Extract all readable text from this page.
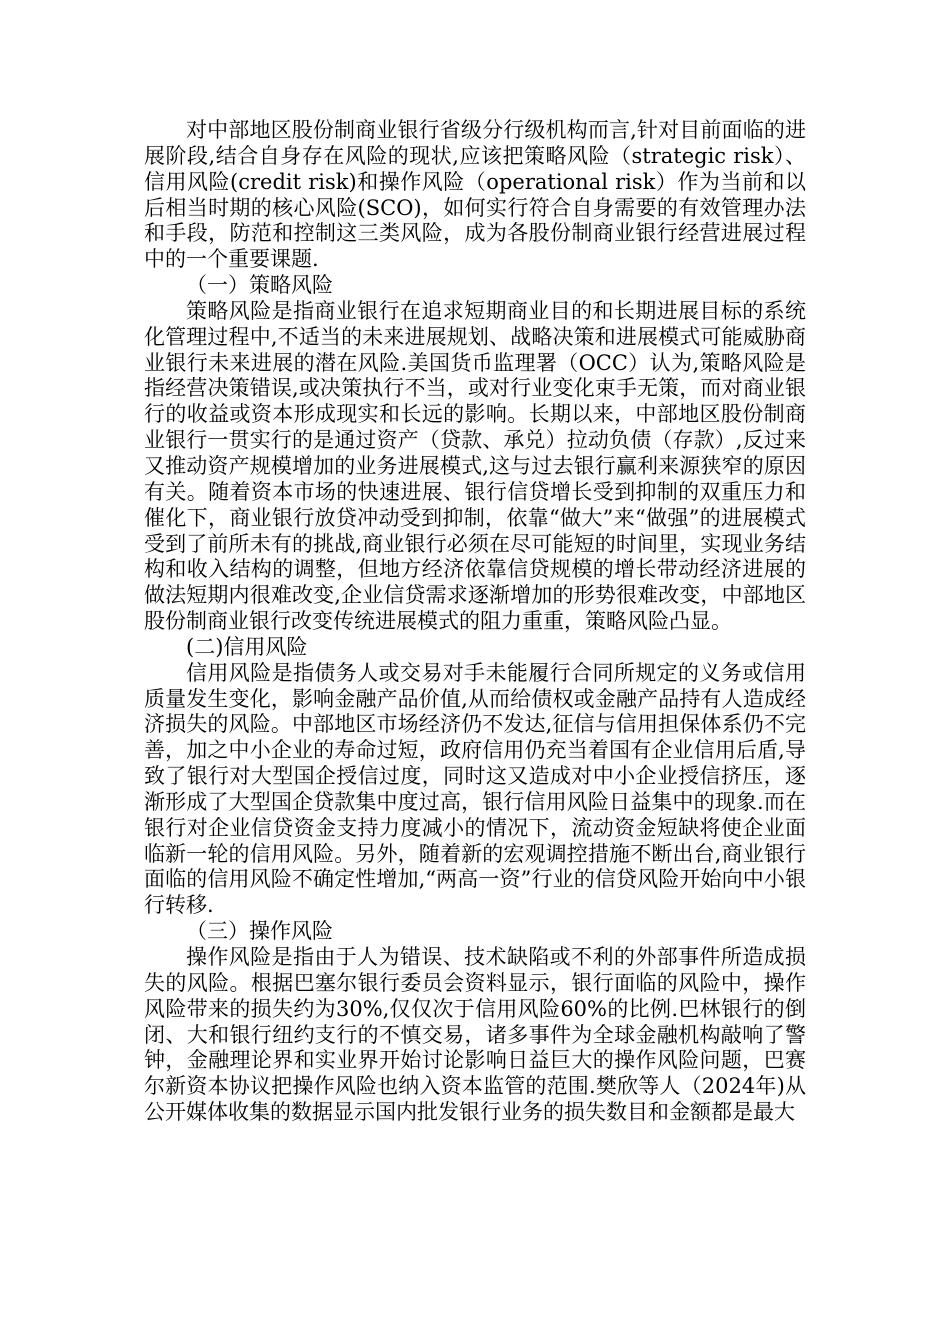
对中部地区股份制商业银行省级分行级机构而言,针对目前面临的进展阶段,结合自身存在风险的现状,应该把策略风险（strategic risk）、信用风险(credit risk)和操作风险（operational risk）作为当前和以后相当时期的核心风险(SCO)，如何实行符合自身需要的有效管理办法和手段，防范和控制这三类风险，成为各股份制商业银行经营进展过程中的一个重要课题.

（一）策略风险

策略风险是指商业银行在追求短期商业目的和长期进展目标的系统化管理过程中,不适当的未来进展规划、战略决策和进展模式可能威胁商业银行未来进展的潜在风险.美国货币监理署（OCC）认为,策略风险是指经营决策错误,或决策执行不当，或对行业变化束手无策，而对商业银行的收益或资本形成现实和长远的影响。长期以来，中部地区股份制商业银行一贯实行的是通过资产（贷款、承兑）拉动负债（存款）,反过来又推动资产规模增加的业务进展模式,这与过去银行赢利来源狭窄的原因有关。随着资本市场的快速进展、银行信贷增长受到抑制的双重压力和催化下，商业银行放贷冲动受到抑制，依靠“做大”来“做强”的进展模式受到了前所未有的挑战,商业银行必须在尽可能短的时间里，实现业务结构和收入结构的调整，但地方经济依靠信贷规模的增长带动经济进展的做法短期内很难改变,企业信贷需求逐渐增加的形势很难改变，中部地区股份制商业银行改变传统进展模式的阻力重重，策略风险凸显。

(二)信用风险

信用风险是指债务人或交易对手未能履行合同所规定的义务或信用质量发生变化，影响金融产品价值,从而给债权或金融产品持有人造成经济损失的风险。中部地区市场经济仍不发达,征信与信用担保体系仍不完善，加之中小企业的寿命过短，政府信用仍充当着国有企业信用后盾,导致了银行对大型国企授信过度，同时这又造成对中小企业授信挤压，逐渐形成了大型国企贷款集中度过高，银行信用风险日益集中的现象.而在银行对企业信贷资金支持力度减小的情况下，流动资金短缺将使企业面临新一轮的信用风险。另外，随着新的宏观调控措施不断出台,商业银行面临的信用风险不确定性增加,“两高一资”行业的信贷风险开始向中小银行转移.

（三）操作风险

操作风险是指由于人为错误、技术缺陷或不利的外部事件所造成损失的风险。根据巴塞尔银行委员会资料显示，银行面临的风险中，操作风险带来的损失约为30%,仅仅次于信用风险60%的比例.巴林银行的倒闭、大和银行纽约支行的不慎交易，诸多事件为全球金融机构敲响了警钟，金融理论界和实业界开始讨论影响日益巨大的操作风险问题，巴赛尔新资本协议把操作风险也纳入资本监管的范围.樊欣等人（2024年)从公开媒体收集的数据显示国内批发银行业务的损失数目和金额都是最大
